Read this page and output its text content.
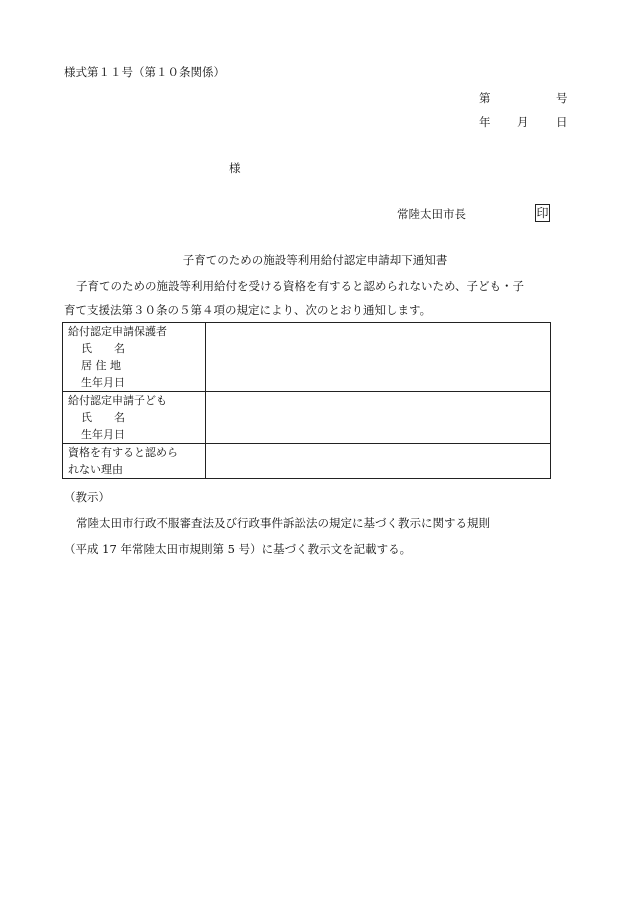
様式第１１号（第１０条関係）
第	号
年 月 日
様
常陸太田市長	印
子育てのための施設等利用給付認定申請却下通知書
子育てのための施設等利用給付を受ける資格を有すると認められないため、子ども・子
育て支援法第３０条の５第４項の規定により、次のとおり通知します。
給付認定申請保護者
氏　　名
居 住 地
生年月日	

給付認定申請子ども
氏　　名
生年月日	

資格を有すると認めら
れない理由	

（教示）
常陸太田市行政不服審査法及び行政事件訴訟法の規定に基づく教示に関する規則
（平成 17 年常陸太田市規則第 5 号）に基づく教示文を記載する。
